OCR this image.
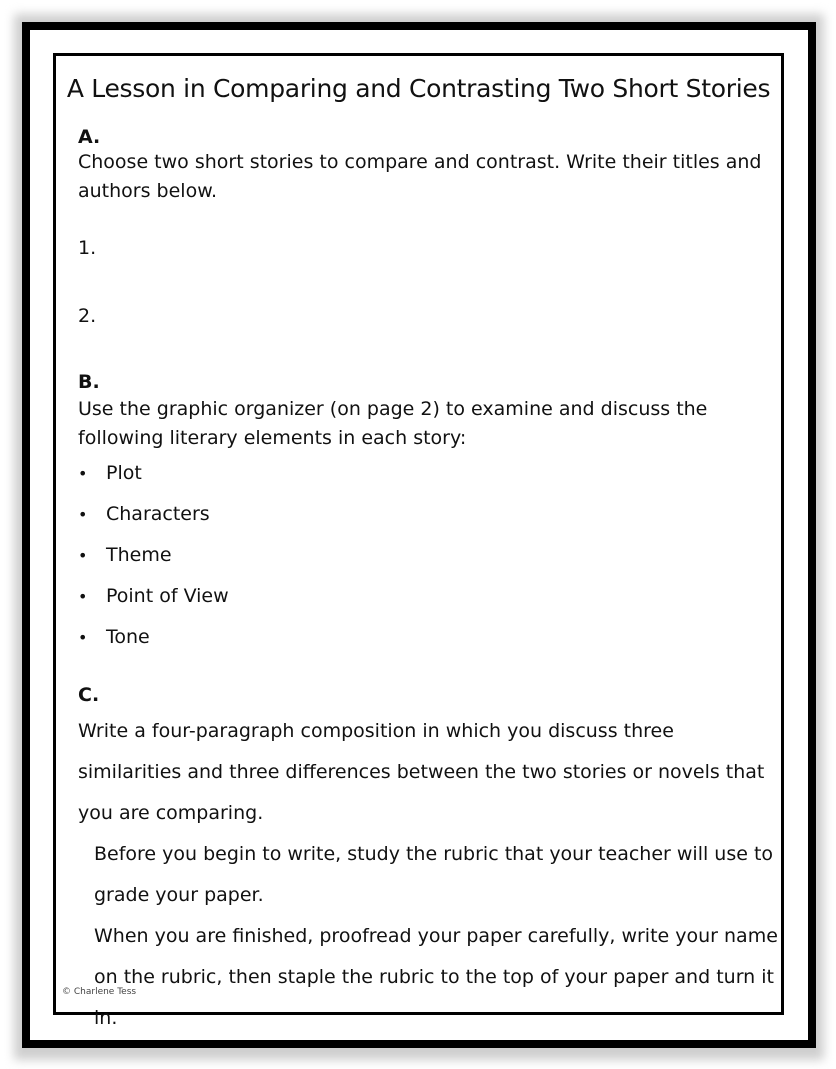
A Lesson in Comparing and Contrasting Two Short Stories

A.

Choose two short stories to compare and contrast. Write their titles and authors below.

1.

2.

B.

Use the graphic organizer (on page 2) to examine and discuss the following literary elements in each story:

• Plot
• Characters
• Theme
• Point of View
• Tone

C.

Write a four-paragraph composition in which you discuss three similarities and three differences between the two stories or novels that you are comparing.

Before you begin to write, study the rubric that your teacher will use to grade your paper.

When you are finished, proofread your paper carefully, write your name on the rubric, then staple the rubric to the top of your paper and turn it in.

© Charlene Tess
